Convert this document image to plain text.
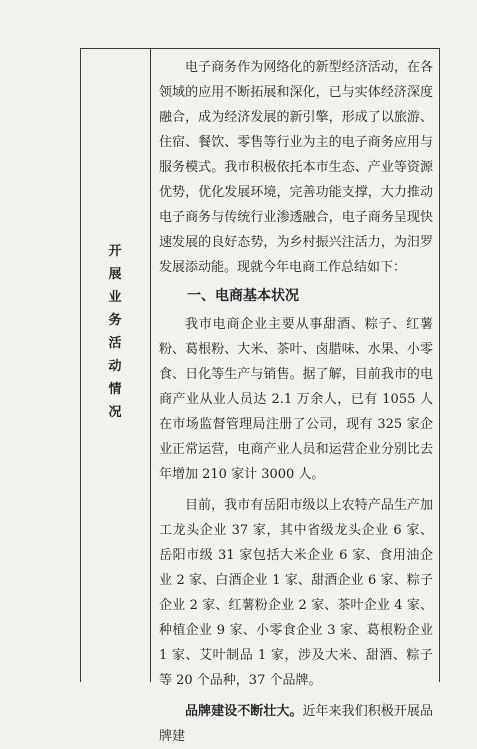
开
展
业
务
活
动
情
况

电子商务作为网络化的新型经济活动，在各领域的应用不断拓展和深化，已与实体经济深度融合，成为经济发展的新引擎，形成了以旅游、住宿、餐饮、零售等行业为主的电子商务应用与服务模式。我市积极依托本市生态、产业等资源优势，优化发展环境，完善功能支撑，大力推动电子商务与传统行业渗透融合，电子商务呈现快速发展的良好态势，为乡村振兴注活力，为汨罗发展添动能。现就今年电商工作总结如下：

一、电商基本状况

我市电商企业主要从事甜酒、粽子、红薯粉、葛根粉、大米、茶叶、卤腊味、水果、小零食、日化等生产与销售。据了解，目前我市的电商产业从业人员达 2.1 万余人，已有 1055 人在市场监督管理局注册了公司，现有 325 家企业正常运营，电商产业人员和运营企业分别比去年增加 210 家计 3000 人。

目前，我市有岳阳市级以上农特产品生产加工龙头企业 37 家，其中省级龙头企业 6 家、岳阳市级 31 家包括大米企业 6 家、食用油企业 2 家、白酒企业 1 家、甜酒企业 6 家、粽子企业 2 家、红薯粉企业 2 家、茶叶企业 4 家、种植企业 9 家、小零食企业 3 家、葛根粉企业 1 家、艾叶制品 1 家，涉及大米、甜酒、粽子等 20 个品种，37 个品牌。

品牌建设不断壮大。近年来我们积极开展品牌建
